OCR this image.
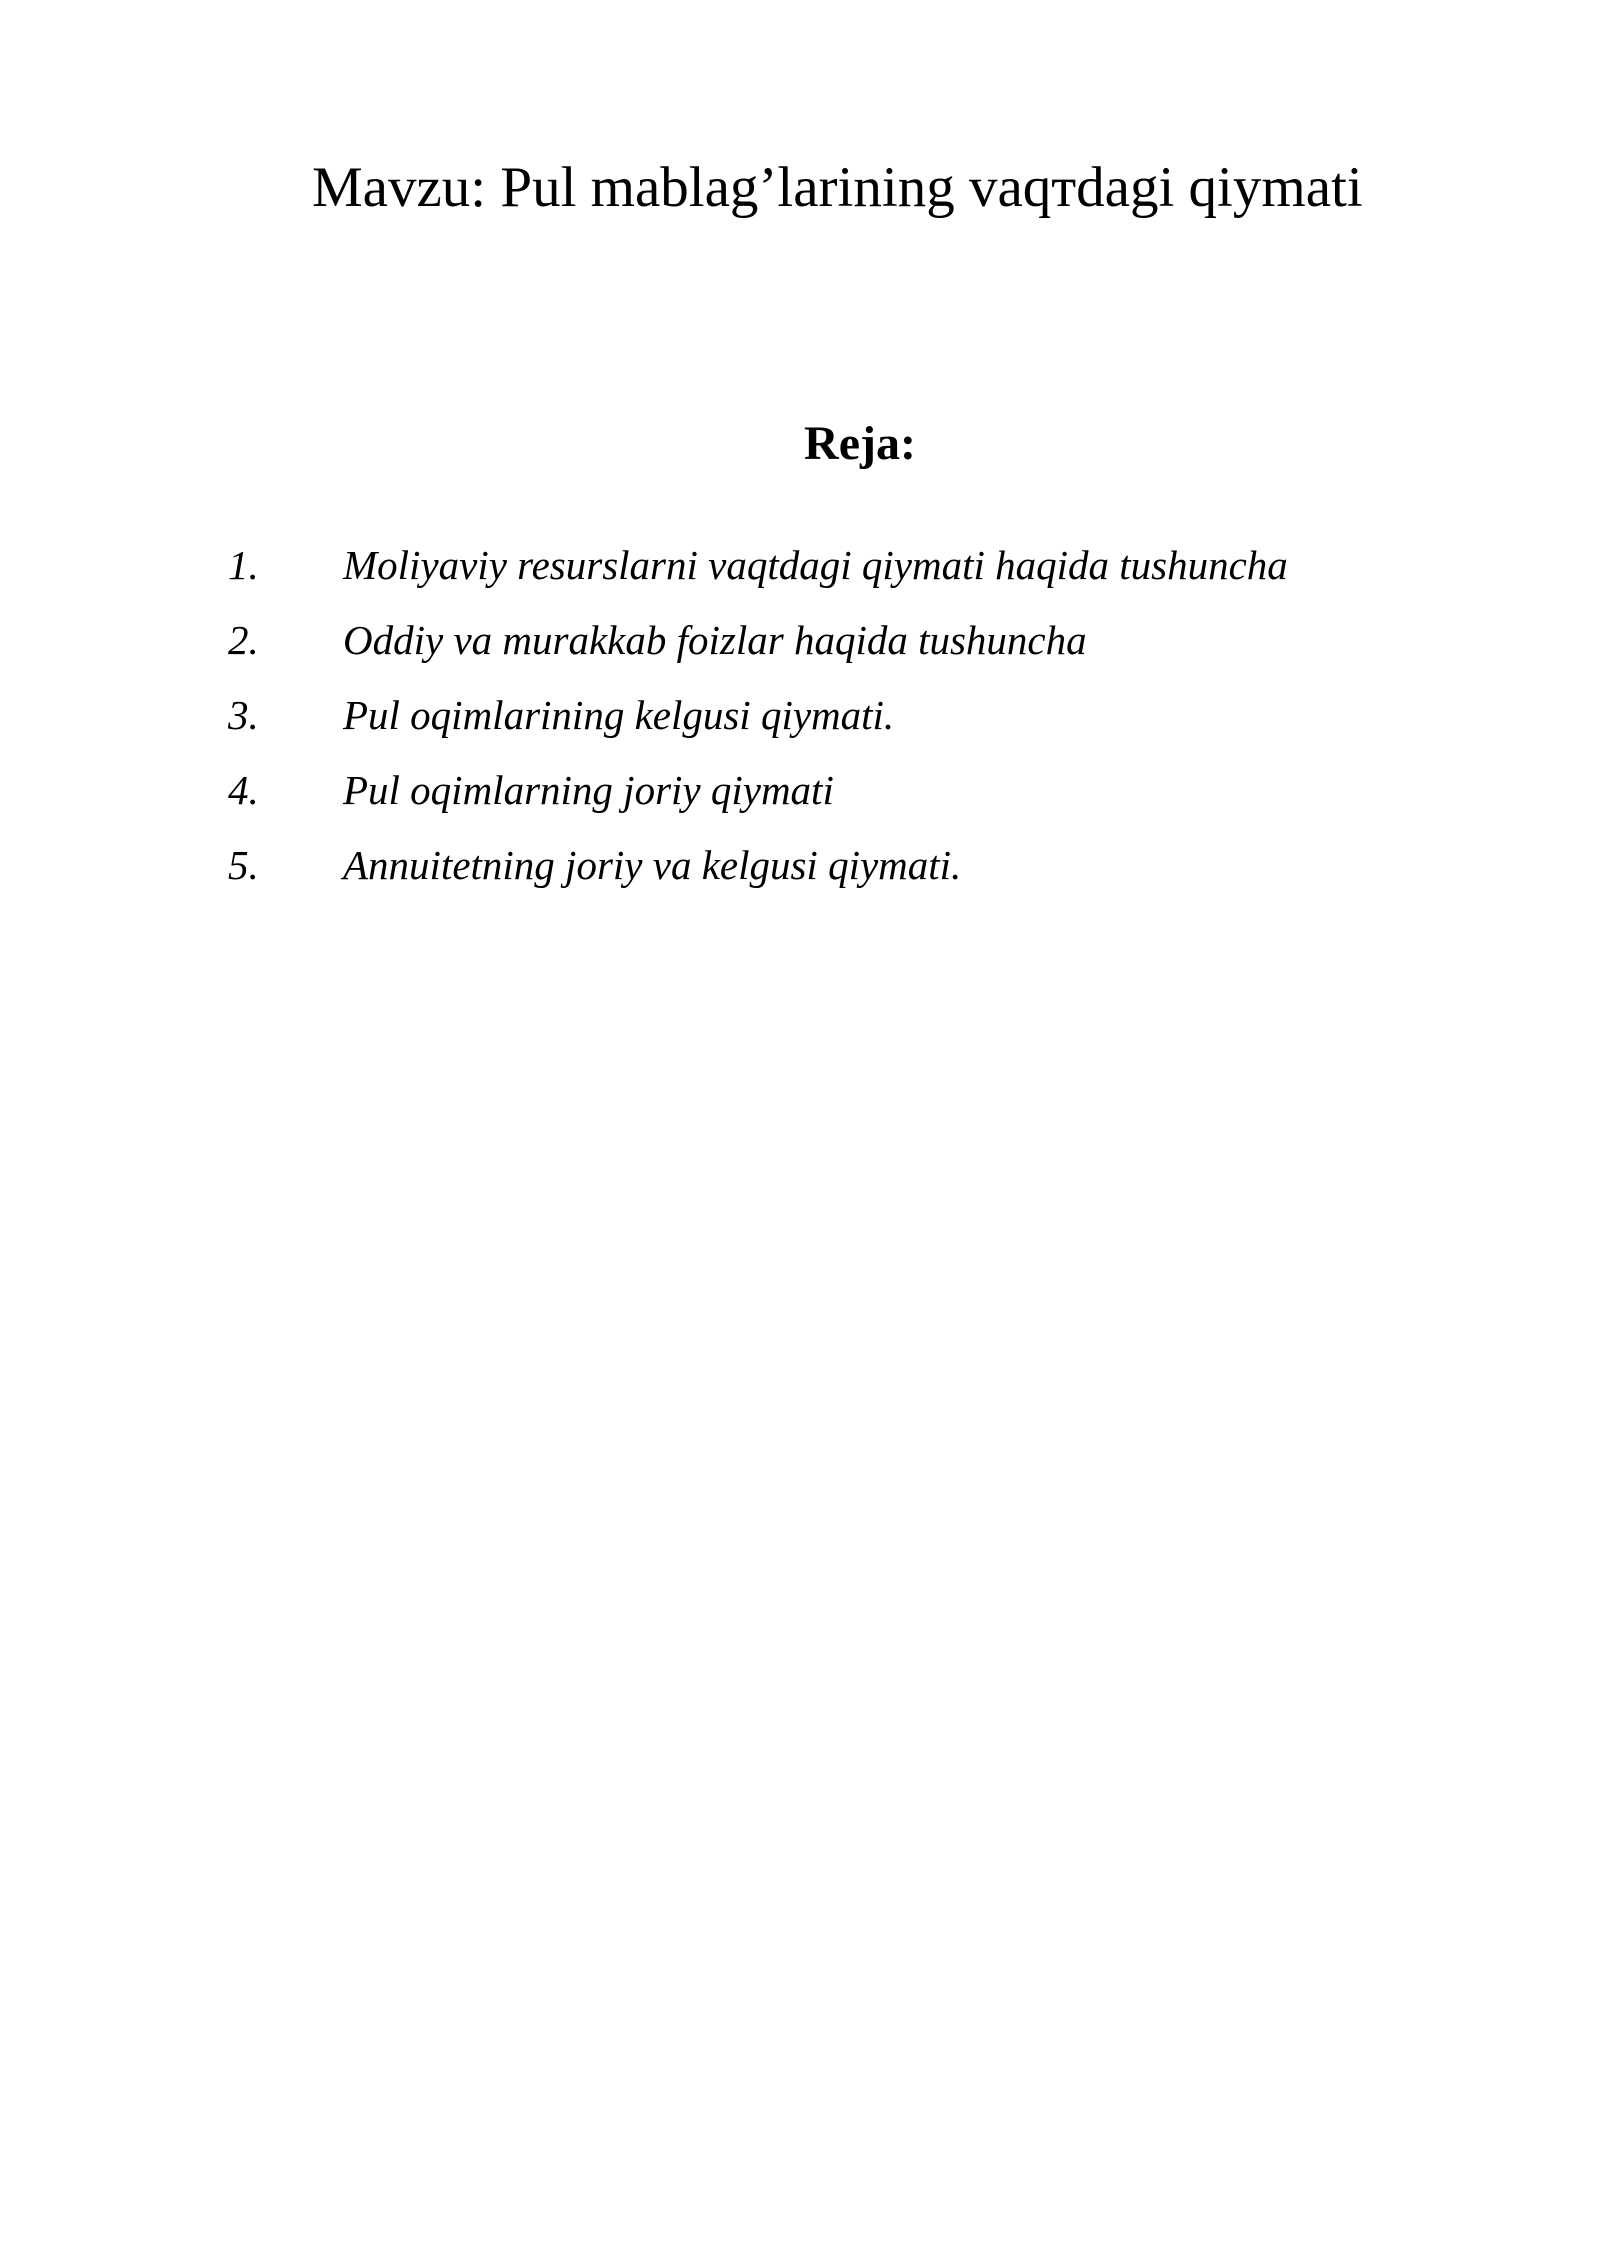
Mavzu: Pul mablag’larining vaqтdagi qiymati
Reja:
1. Moliyaviy resurslarni vaqtdagi qiymati haqida tushuncha
2. Oddiy va murakkab foizlar haqida tushuncha
3. Pul oqimlarining kelgusi qiymati.
4. Pul oqimlarning joriy qiymati
5. Annuitetning joriy va kelgusi qiymati.
